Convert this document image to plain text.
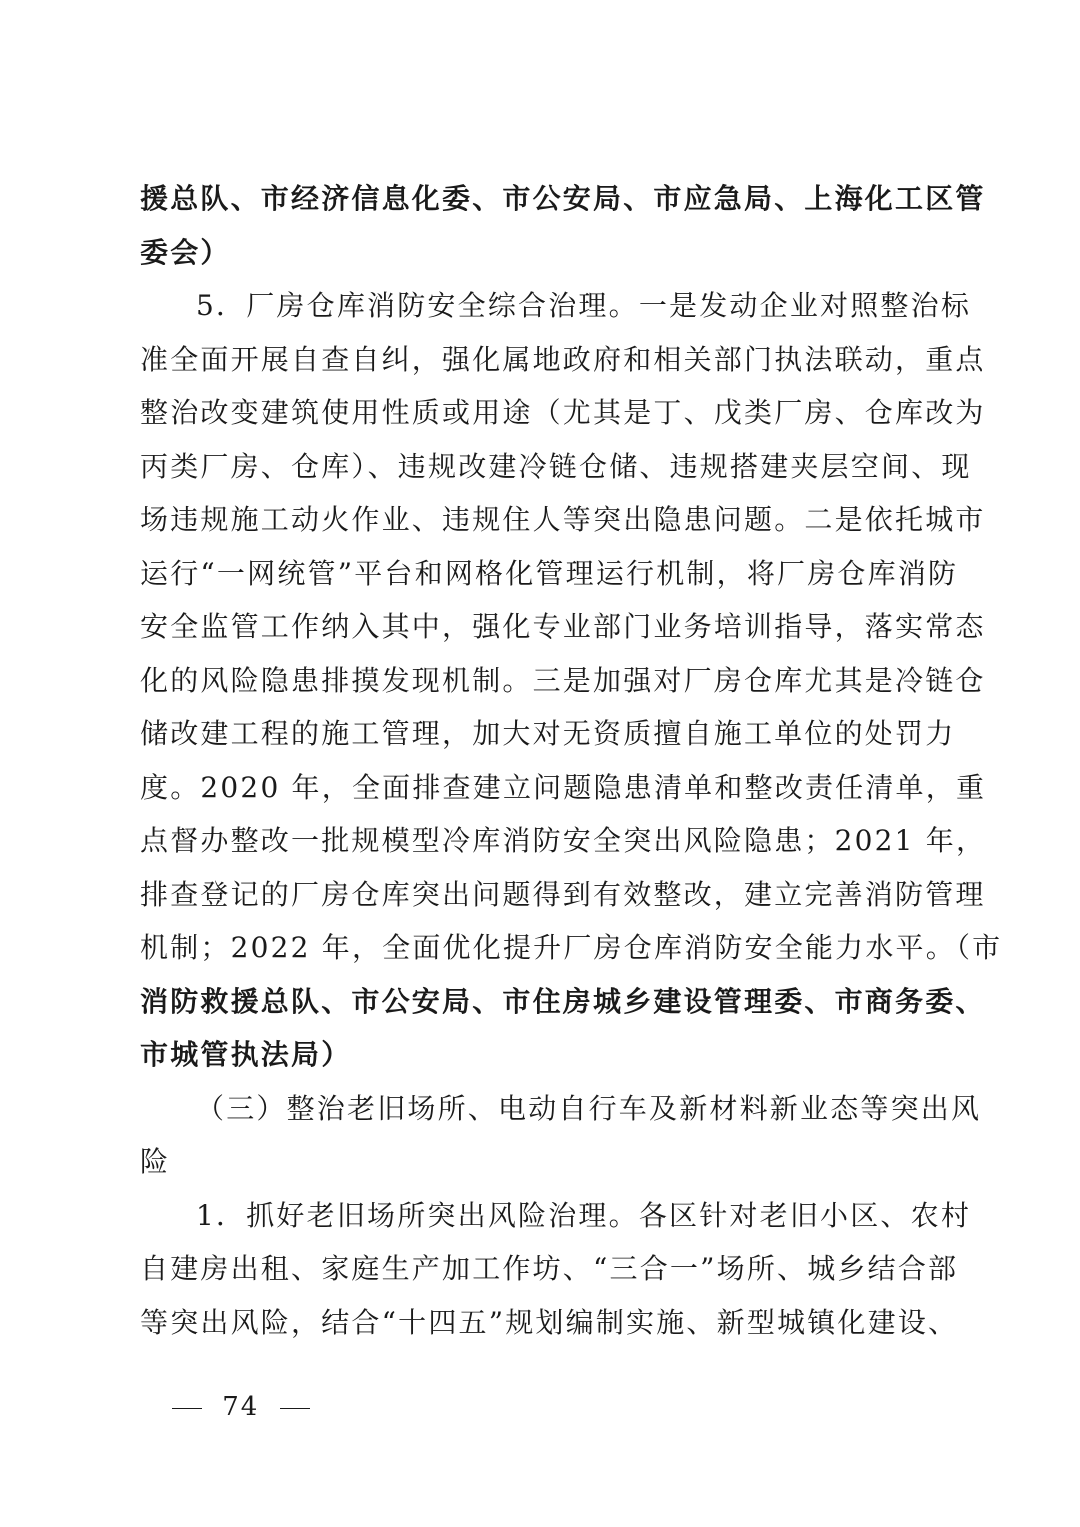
援总队、市经济信息化委、市公安局、市应急局、上海化工区管
委会）

5．厂房仓库消防安全综合治理。一是发动企业对照整治标
准全面开展自查自纠，强化属地政府和相关部门执法联动，重点
整治改变建筑使用性质或用途（尤其是丁、戊类厂房、仓库改为
丙类厂房、仓库）、违规改建冷链仓储、违规搭建夹层空间、现
场违规施工动火作业、违规住人等突出隐患问题。二是依托城市
运行“一网统管”平台和网格化管理运行机制，将厂房仓库消防
安全监管工作纳入其中，强化专业部门业务培训指导，落实常态
化的风险隐患排摸发现机制。三是加强对厂房仓库尤其是冷链仓
储改建工程的施工管理，加大对无资质擅自施工单位的处罚力
度。2020 年，全面排查建立问题隐患清单和整改责任清单，重
点督办整改一批规模型冷库消防安全突出风险隐患；2021 年，
排查登记的厂房仓库突出问题得到有效整改，建立完善消防管理
机制；2022 年，全面优化提升厂房仓库消防安全能力水平。（市

消防救援总队、市公安局、市住房城乡建设管理委、市商务委、
市城管执法局）

（三）整治老旧场所、电动自行车及新材料新业态等突出风
险

1．抓好老旧场所突出风险治理。各区针对老旧小区、农村
自建房出租、家庭生产加工作坊、“三合一”场所、城乡结合部
等突出风险，结合“十四五”规划编制实施、新型城镇化建设、

74
